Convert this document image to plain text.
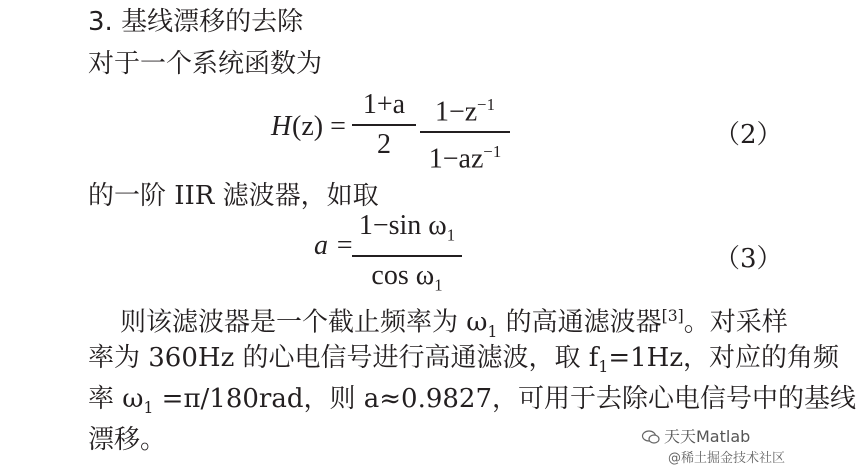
3. 基线漂移的去除
对于一个系统函数为
H (z) =
1+a
2
$1-z^{-1}$
$1-az^{-1}$
（2）
的一阶 IIR 滤波器，如取
a =
1−sin $\omega_1$
$\cos \omega_1$
（3）
则该滤波器是一个截止频率为 $\omega_1$ 的高通滤波器[3]。对采样
率为 360Hz 的心电信号进行高通滤波，取 $f_1=1Hz$，对应的角频
率 $\omega_1 =\pi/180rad$，则 a≈0.9827，可用于去除心电信号中的基线
漂移。	天天Matlab
@稀土掘金技术社区
